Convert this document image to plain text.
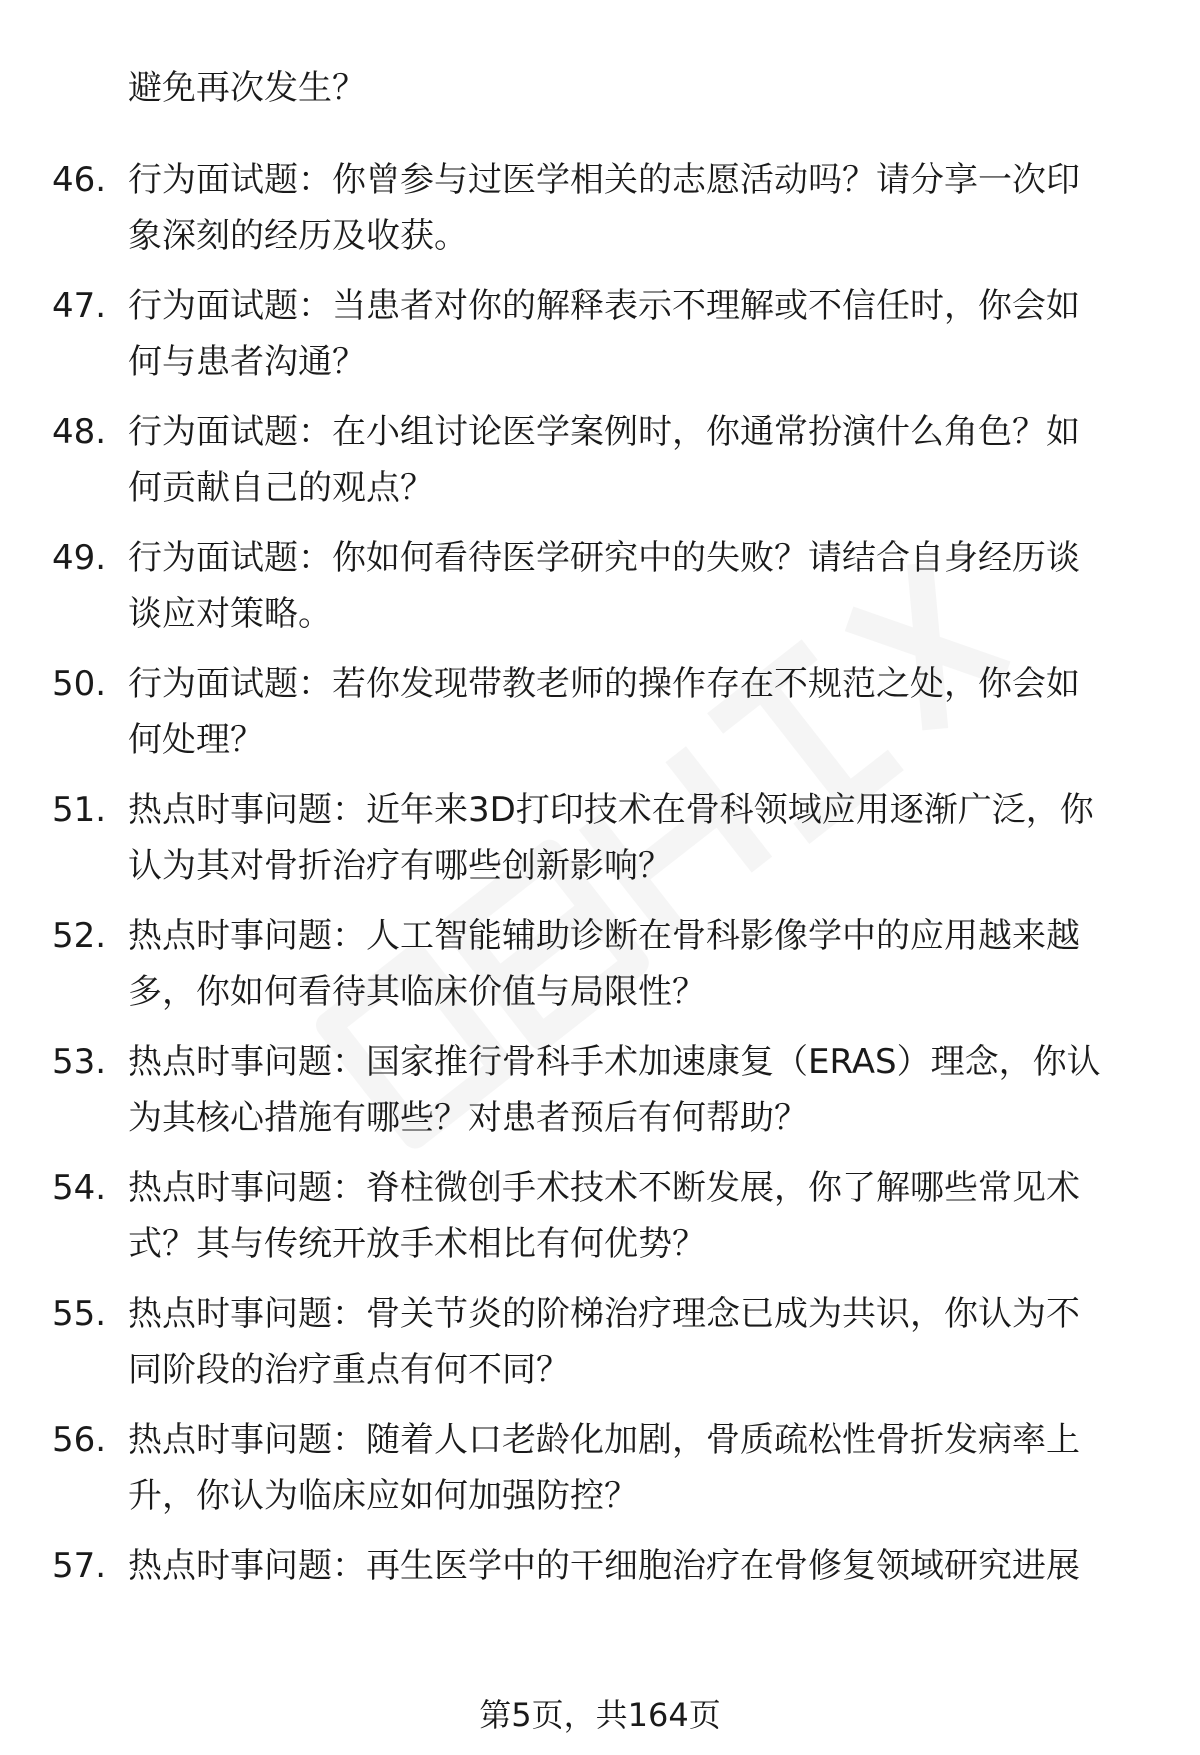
避免再次发生？
46. 行为面试题：你曾参与过医学相关的志愿活动吗？请分享一次印
象深刻的经历及收获。
47. 行为面试题：当患者对你的解释表示不理解或不信任时，你会如
何与患者沟通？
48. 行为面试题：在小组讨论医学案例时，你通常扮演什么角色？如
何贡献自己的观点？
49. 行为面试题：你如何看待医学研究中的失败？请结合自身经历谈
谈应对策略。
50. 行为面试题：若你发现带教老师的操作存在不规范之处，你会如
何处理？
51. 热点时事问题：近年来3D打印技术在骨科领域应用逐渐广泛，你
认为其对骨折治疗有哪些创新影响？
52. 热点时事问题：人工智能辅助诊断在骨科影像学中的应用越来越
多，你如何看待其临床价值与局限性？
53. 热点时事问题：国家推行骨科手术加速康复（ERAS）理念，你认
为其核心措施有哪些？对患者预后有何帮助？
54. 热点时事问题：脊柱微创手术技术不断发展，你了解哪些常见术
式？其与传统开放手术相比有何优势？
55. 热点时事问题：骨关节炎的阶梯治疗理念已成为共识，你认为不
同阶段的治疗重点有何不同？
56. 热点时事问题：随着人口老龄化加剧，骨质疏松性骨折发病率上
升，你认为临床应如何加强防控？
57. 热点时事问题：再生医学中的干细胞治疗在骨修复领域研究进展
第5页，共164页
